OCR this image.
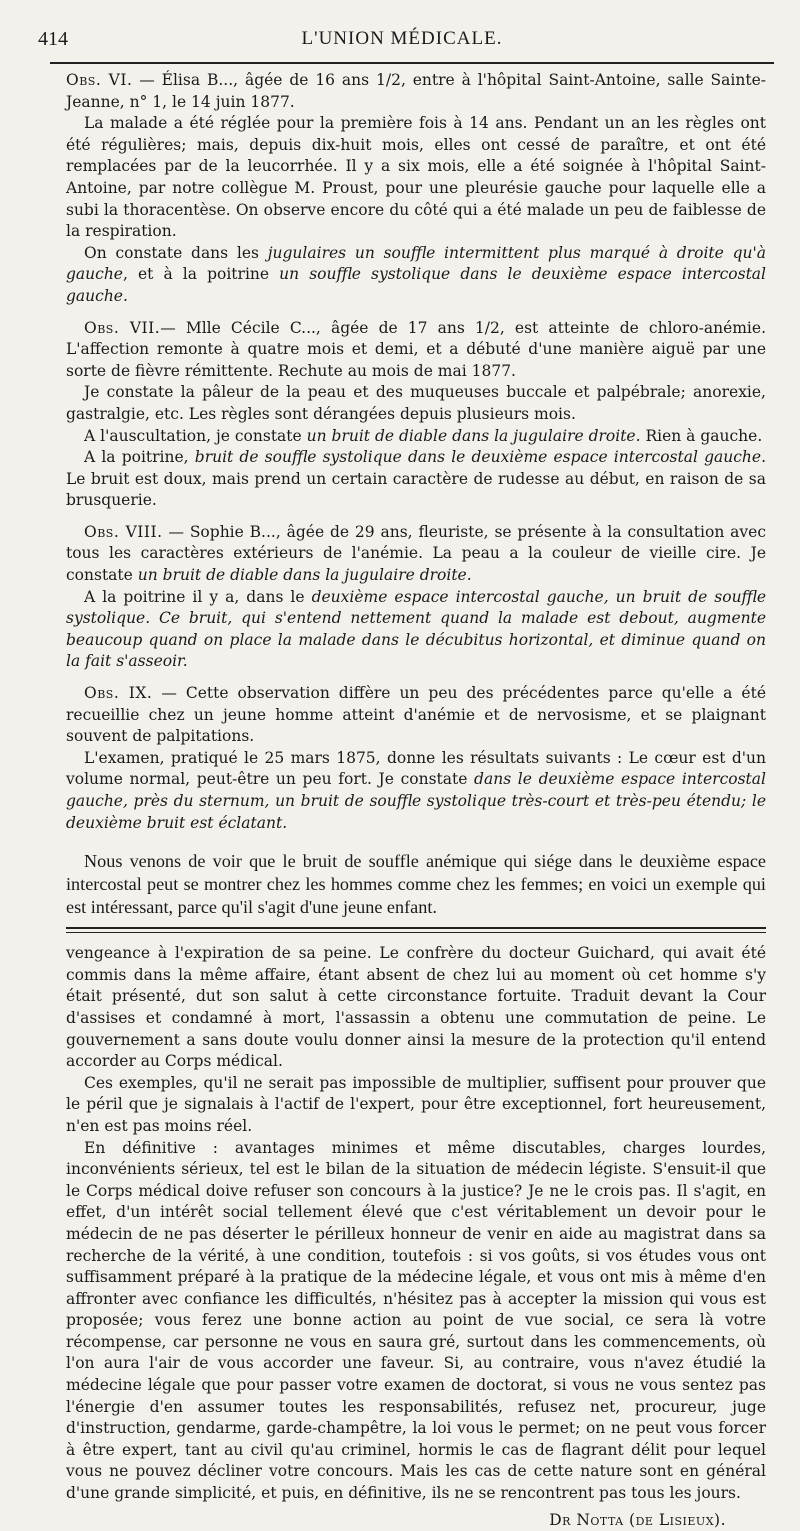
414	L'UNION MÉDICALE.

Obs. VI. — Élisa B..., âgée de 16 ans 1/2, entre à l'hôpital Saint-Antoine, salle Sainte-Jeanne, n° 1, le 14 juin 1877.

La malade a été réglée pour la première fois à 14 ans. Pendant un an les règles ont été régulières; mais, depuis dix-huit mois, elles ont cessé de paraître, et ont été remplacées par de la leucorrhée. Il y a six mois, elle a été soignée à l'hôpital Saint-Antoine, par notre collègue M. Proust, pour une pleurésie gauche pour laquelle elle a subi la thoracentèse. On observe encore du côté qui a été malade un peu de faiblesse de la respiration.

On constate dans les jugulaires un souffle intermittent plus marqué à droite qu'à gauche, et à la poitrine un souffle systolique dans le deuxième espace intercostal gauche.

Obs. VII.— Mlle Cécile C..., âgée de 17 ans 1/2, est atteinte de chloro-anémie. L'affection remonte à quatre mois et demi, et a débuté d'une manière aiguë par une sorte de fièvre rémittente. Rechute au mois de mai 1877.

Je constate la pâleur de la peau et des muqueuses buccale et palpébrale; anorexie, gastralgie, etc. Les règles sont dérangées depuis plusieurs mois.

A l'auscultation, je constate un bruit de diable dans la jugulaire droite. Rien à gauche.

A la poitrine, bruit de souffle systolique dans le deuxième espace intercostal gauche. Le bruit est doux, mais prend un certain caractère de rudesse au début, en raison de sa brusquerie.

Obs. VIII. — Sophie B..., âgée de 29 ans, fleuriste, se présente à la consultation avec tous les caractères extérieurs de l'anémie. La peau a la couleur de vieille cire. Je constate un bruit de diable dans la jugulaire droite.

A la poitrine il y a, dans le deuxième espace intercostal gauche, un bruit de souffle systolique. Ce bruit, qui s'entend nettement quand la malade est debout, augmente beaucoup quand on place la malade dans le décubitus horizontal, et diminue quand on la fait s'asseoir.

Obs. IX. — Cette observation diffère un peu des précédentes parce qu'elle a été recueillie chez un jeune homme atteint d'anémie et de nervosisme, et se plaignant souvent de palpitations.

L'examen, pratiqué le 25 mars 1875, donne les résultats suivants : Le cœur est d'un volume normal, peut-être un peu fort. Je constate dans le deuxième espace intercostal gauche, près du sternum, un bruit de souffle systolique très-court et très-peu étendu; le deuxième bruit est éclatant.

Nous venons de voir que le bruit de souffle anémique qui siége dans le deuxième espace intercostal peut se montrer chez les hommes comme chez les femmes; en voici un exemple qui est intéressant, parce qu'il s'agit d'une jeune enfant.

vengeance à l'expiration de sa peine. Le confrère du docteur Guichard, qui avait été commis dans la même affaire, étant absent de chez lui au moment où cet homme s'y était présenté, dut son salut à cette circonstance fortuite. Traduit devant la Cour d'assises et condamné à mort, l'assassin a obtenu une commutation de peine. Le gouvernement a sans doute voulu donner ainsi la mesure de la protection qu'il entend accorder au Corps médical.

Ces exemples, qu'il ne serait pas impossible de multiplier, suffisent pour prouver que le péril que je signalais à l'actif de l'expert, pour être exceptionnel, fort heureusement, n'en est pas moins réel.

En définitive : avantages minimes et même discutables, charges lourdes, inconvénients sérieux, tel est le bilan de la situation de médecin légiste. S'ensuit-il que le Corps médical doive refuser son concours à la justice? Je ne le crois pas. Il s'agit, en effet, d'un intérêt social tellement élevé que c'est véritablement un devoir pour le médecin de ne pas déserter le périlleux honneur de venir en aide au magistrat dans sa recherche de la vérité, à une condition, toutefois : si vos goûts, si vos études vous ont suffisamment préparé à la pratique de la médecine légale, et vous ont mis à même d'en affronter avec confiance les difficultés, n'hésitez pas à accepter la mission qui vous est proposée; vous ferez une bonne action au point de vue social, ce sera là votre récompense, car personne ne vous en saura gré, surtout dans les commencements, où l'on aura l'air de vous accorder une faveur. Si, au contraire, vous n'avez étudié la médecine légale que pour passer votre examen de doctorat, si vous ne vous sentez pas l'énergie d'en assumer toutes les responsabilités, refusez net, procureur, juge d'instruction, gendarme, garde-champêtre, la loi vous le permet; on ne peut vous forcer à être expert, tant au civil qu'au criminel, hormis le cas de flagrant délit pour lequel vous ne pouvez décliner votre concours. Mais les cas de cette nature sont en général d'une grande simplicité, et puis, en définitive, ils ne se rencontrent pas tous les jours.

Dr Notta (de Lisieux).
